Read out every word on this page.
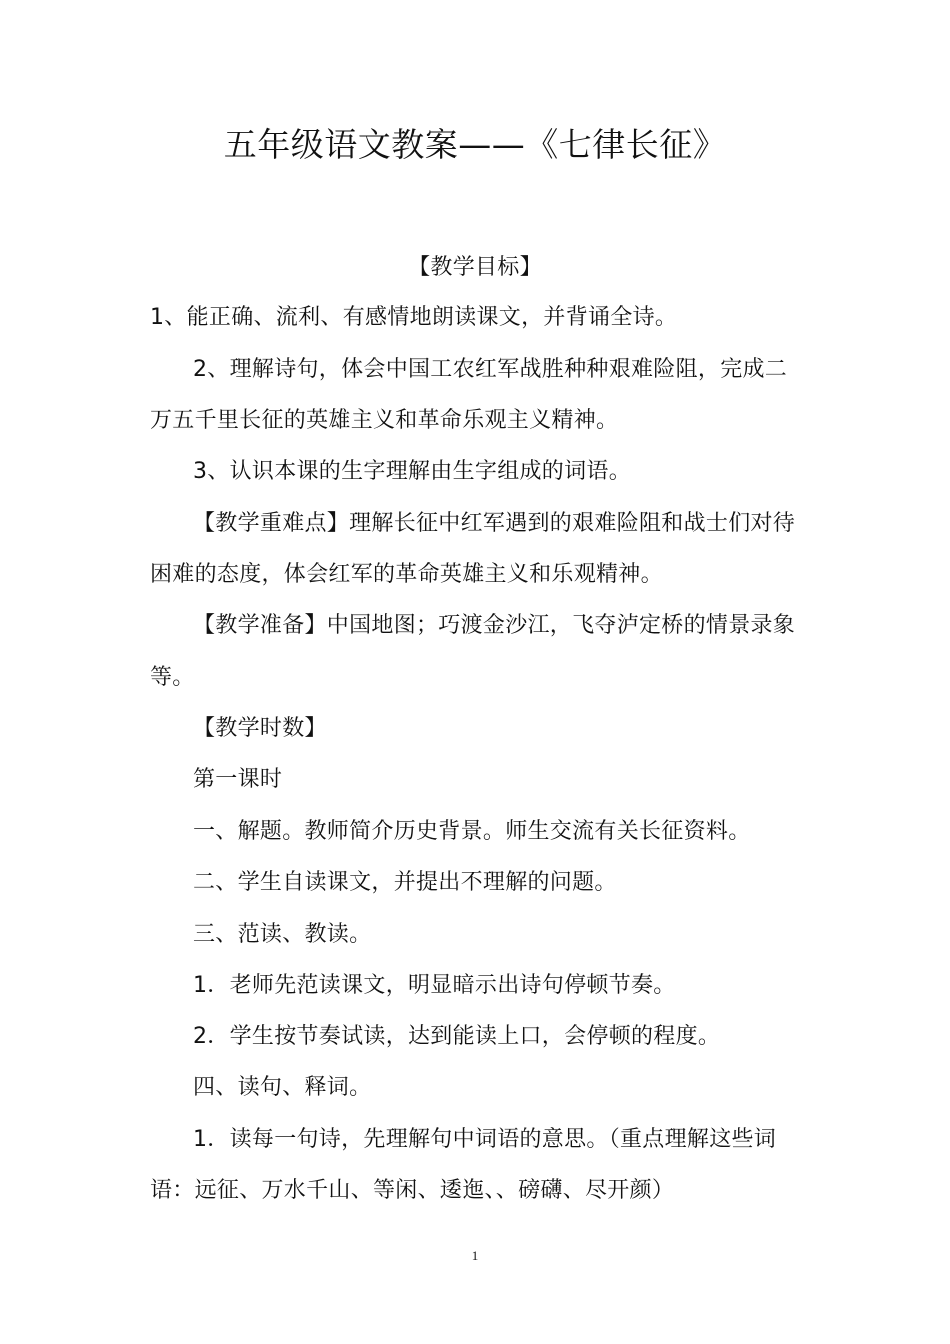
五年级语文教案——《七律长征》
【教学目标】
1、能正确、流利、有感情地朗读课文，并背诵全诗。
2、理解诗句，体会中国工农红军战胜种种艰难险阻，完成二
万五千里长征的英雄主义和革命乐观主义精神。
3、认识本课的生字理解由生字组成的词语。
【教学重难点】理解长征中红军遇到的艰难险阻和战士们对待
困难的态度，体会红军的革命英雄主义和乐观精神。
【教学准备】中国地图；巧渡金沙江，飞夺泸定桥的情景录象
等。
【教学时数】
第一课时
一、解题。教师简介历史背景。师生交流有关长征资料。
二、学生自读课文，并提出不理解的问题。
三、范读、教读。
1．老师先范读课文，明显暗示出诗句停顿节奏。
2．学生按节奏试读，达到能读上口，会停顿的程度。
四、读句、释词。
1．读每一句诗，先理解句中词语的意思。（重点理解这些词
语：远征、万水千山、等闲、逶迤、、磅礴、尽开颜）
1
